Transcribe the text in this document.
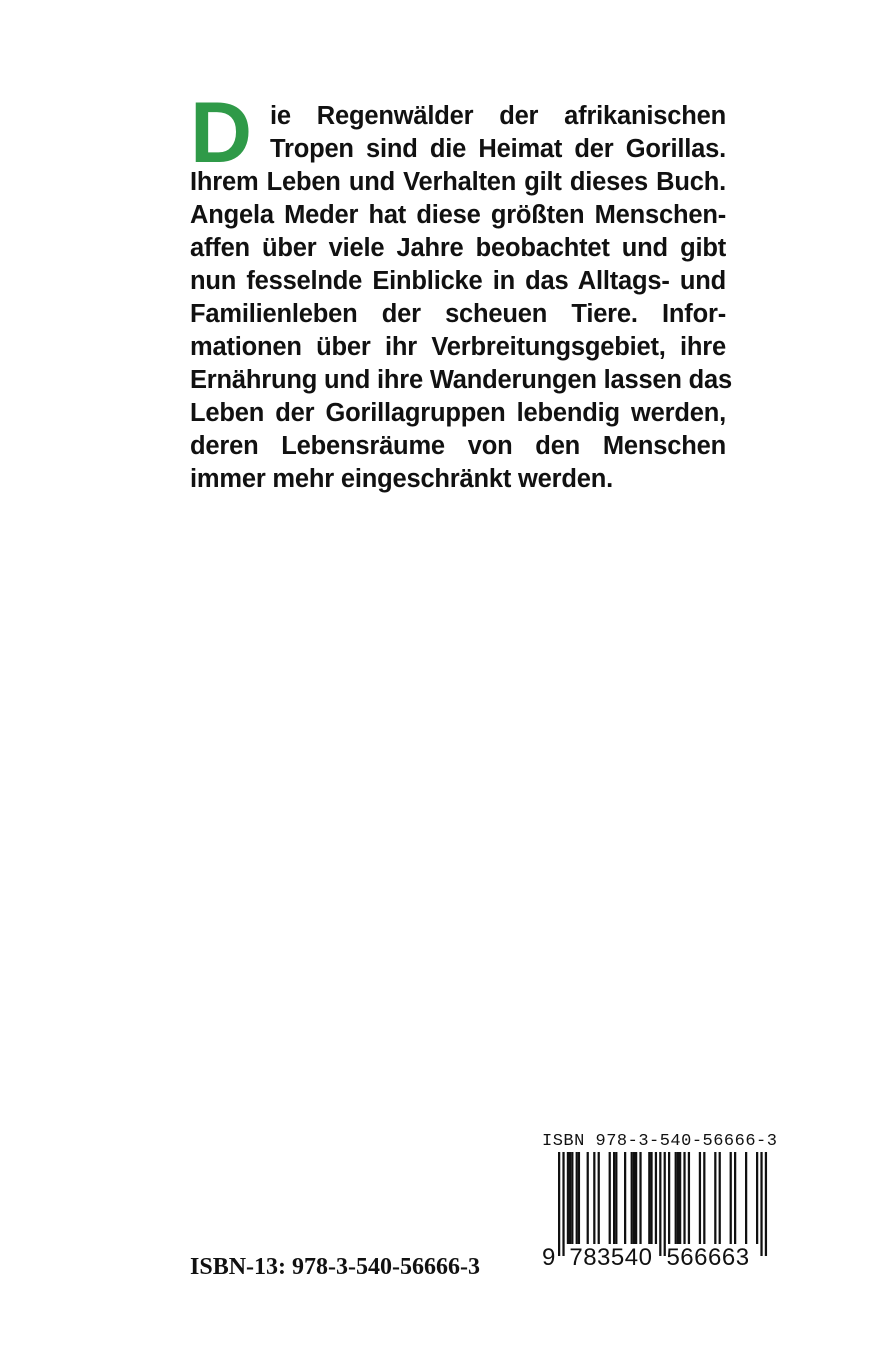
D ie Regenwälder der afrikanischen
Tropen sind die Heimat der Gorillas.
Ihrem Leben und Verhalten gilt dieses Buch.
Angela Meder hat diese größten Menschen-
affen über viele Jahre beobachtet und gibt
nun fesselnde Einblicke in das Alltags- und
Familienleben der scheuen Tiere. Infor-
mationen über ihr Verbreitungsgebiet, ihre
Ernährung und ihre Wanderungen lassen das
Leben der Gorillagruppen lebendig werden,
deren Lebensräume von den Menschen
immer mehr eingeschränkt werden.
ISBN 978-3-540-56666-3
9 783540 566663
ISBN-13: 978-3-540-56666-3
